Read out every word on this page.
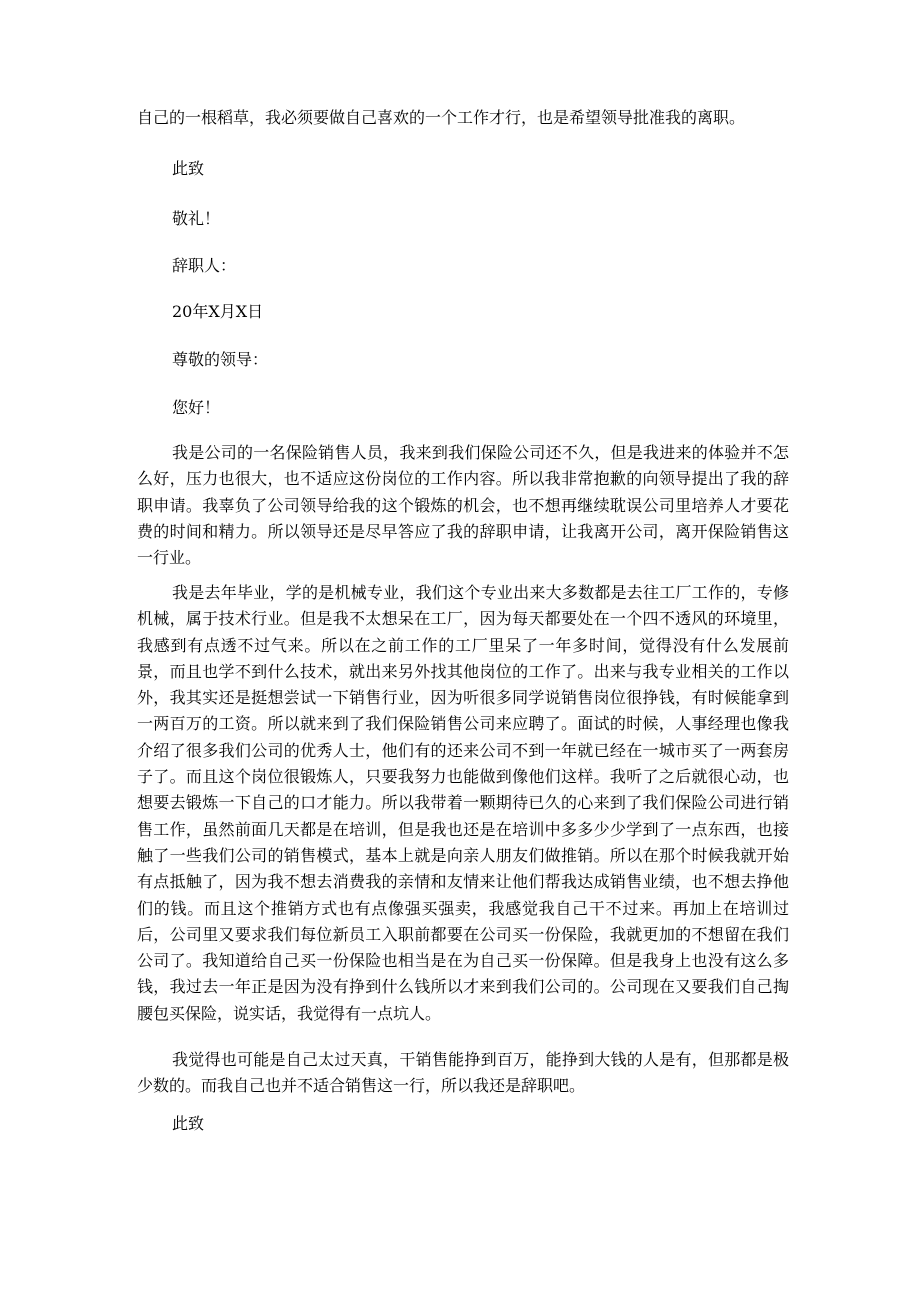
自己的一根稻草，我必须要做自己喜欢的一个工作才行，也是希望领导批准我的离职。

此致

敬礼！

辞职人：

20年X月X日

尊敬的领导：

您好！

我是公司的一名保险销售人员，我来到我们保险公司还不久，但是我进来的体验并不怎么好，压力也很大，也不适应这份岗位的工作内容。所以我非常抱歉的向领导提出了我的辞职申请。我辜负了公司领导给我的这个锻炼的机会，也不想再继续耽误公司里培养人才要花费的时间和精力。所以领导还是尽早答应了我的辞职申请，让我离开公司，离开保险销售这一行业。

我是去年毕业，学的是机械专业，我们这个专业出来大多数都是去往工厂工作的，专修机械，属于技术行业。但是我不太想呆在工厂，因为每天都要处在一个四不透风的环境里，我感到有点透不过气来。所以在之前工作的工厂里呆了一年多时间，觉得没有什么发展前景，而且也学不到什么技术，就出来另外找其他岗位的工作了。出来与我专业相关的工作以外，我其实还是挺想尝试一下销售行业，因为听很多同学说销售岗位很挣钱，有时候能拿到一两百万的工资。所以就来到了我们保险销售公司来应聘了。面试的时候，人事经理也像我介绍了很多我们公司的优秀人士，他们有的还来公司不到一年就已经在一城市买了一两套房子了。而且这个岗位很锻炼人，只要我努力也能做到像他们这样。我听了之后就很心动，也想要去锻炼一下自己的口才能力。所以我带着一颗期待已久的心来到了我们保险公司进行销售工作，虽然前面几天都是在培训，但是我也还是在培训中多多少少学到了一点东西，也接触了一些我们公司的销售模式，基本上就是向亲人朋友们做推销。所以在那个时候我就开始有点抵触了，因为我不想去消费我的亲情和友情来让他们帮我达成销售业绩，也不想去挣他们的钱。而且这个推销方式也有点像强买强卖，我感觉我自己干不过来。再加上在培训过后，公司里又要求我们每位新员工入职前都要在公司买一份保险，我就更加的不想留在我们公司了。我知道给自己买一份保险也相当是在为自己买一份保障。但是我身上也没有这么多钱，我过去一年正是因为没有挣到什么钱所以才来到我们公司的。公司现在又要我们自己掏腰包买保险，说实话，我觉得有一点坑人。

我觉得也可能是自己太过天真，干销售能挣到百万，能挣到大钱的人是有，但那都是极少数的。而我自己也并不适合销售这一行，所以我还是辞职吧。

此致
